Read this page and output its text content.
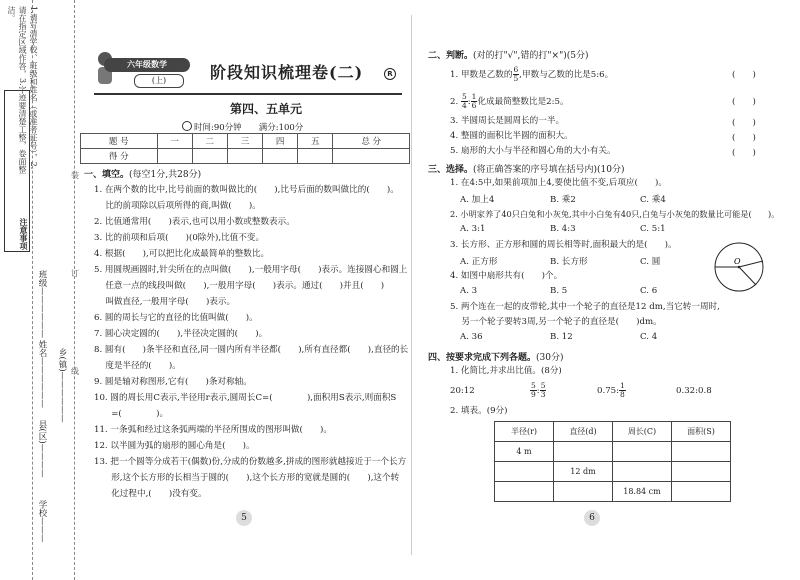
1.请写清学校、班级和姓名（或准考证号），2.请在指定区域作答，3.字迹要清楚工整，卷面整洁。
注意事项
班级——————
姓名——————
县(区)————
学校———
乡(镇)——————
装
订
线
六年级数学
(上)	阶段知识梳理卷(二)	R
第四、五单元
时间:90分钟　　 满分:100分
题 号	一	二	三	四	五	总 分
得 分						
一、填空。(每空1分,共28分)
1. 在两个数的比中,比号前面的数叫做比的(　　),比号后面的数叫做比的(　　)。
　 比的前项除以后项所得的商,叫做(　　)。
2. 比值通常用(　　)表示,也可以用小数或整数表示。
3. 比的前项和后项(　　)(0除外),比值不变。
4. 根据(　　),可以把比化成最简单的整数比。
5. 用圆规画圆时,针尖所在的点叫做(　　),一般用字母(　　)表示。连接圆心和圆上
　 任意一点的线段叫做(　　),一般用字母(　　)表示。通过(　　)并且(　　)
　 叫做直径,一般用字母(　　)表示。
6. 圆的周长与它的直径的比值叫做(　　)。
7. 圆心决定圆的(　　),半径决定圆的(　　)。
8. 圆有(　　)条半径和直径,同一圆内所有半径都(　　),所有直径都(　　),直径的长
　 度是半径的(　　)。
9. 圆是轴对称图形,它有(　　)条对称轴。
10. 圆的周长用C表示,半径用r表示,圆周长C=(　　　　),面积用S表示,则面积S
　　=(　　　　)。
11. 一条弧和经过这条弧两端的半径所围成的图形叫做(　　)。
12. 以半圆为弧的扇形的圆心角是(　　)。
13. 把一个圆等分成若干(偶数)份,分成的份数越多,拼成的图形就越接近于一个长方
　　形,这个长方形的长相当于圆的(　　),这个长方形的宽就是圆的(　　),这个转
　　化过程中,(　　)没有变。
5
二、判断。(对的打"√",错的打"×")(5分)
1. 甲数是乙数的 $\frac{6}{5}$,甲数与乙数的比是5:6。	(　　)
2. $\frac{5}{4}$: $\frac{1}{6}$化成最简整数比是2:5。	(　　)
3. 半圆周长是圆周长的一半。	(　　)
4. 整圆的面积比半圆的面积大。	(　　)
5. 扇形的大小与半径和圆心角的大小有关。	(　　)
三、选择。(将正确答案的序号填在括号内)(10分)
1. 在4:5中,如果前项加上4,要使比值不变,后项应(　　)。
A. 加上4	B. 乘2	C. 乘4
2. 小明家养了40只白兔和小灰兔,其中小白兔有40只,白兔与小灰兔的数量比可能是(　　)。
A. 3:1	B. 4:3	C. 5:1
3. 长方形、正方形和圆的周长相等时,面积最大的是(　　)。
A. 正方形	B. 长方形	C. 圆
4. 如图中扇形共有(　　)个。
A. 3	B. 5	C. 6
O
5. 两个连在一起的皮带轮,其中一个轮子的直径是12 dm,当它转一周时,
　 另一个轮子要转3周,另一个轮子的直径是(　　)dm。
A. 36	B. 12	C. 4
四、按要求完成下列各题。(30分)
1. 化简比,并求出比值。(8分)
20:12	$\frac{5}{9}$: $\frac{5}{3}$	0.75: $\frac{1}{8}$	0.32:0.8
2. 填表。(9分)
半径(r)	直径(d)	周长(C)	面积(S)
4 m			
	12 dm		
		18.84 cm	
6
